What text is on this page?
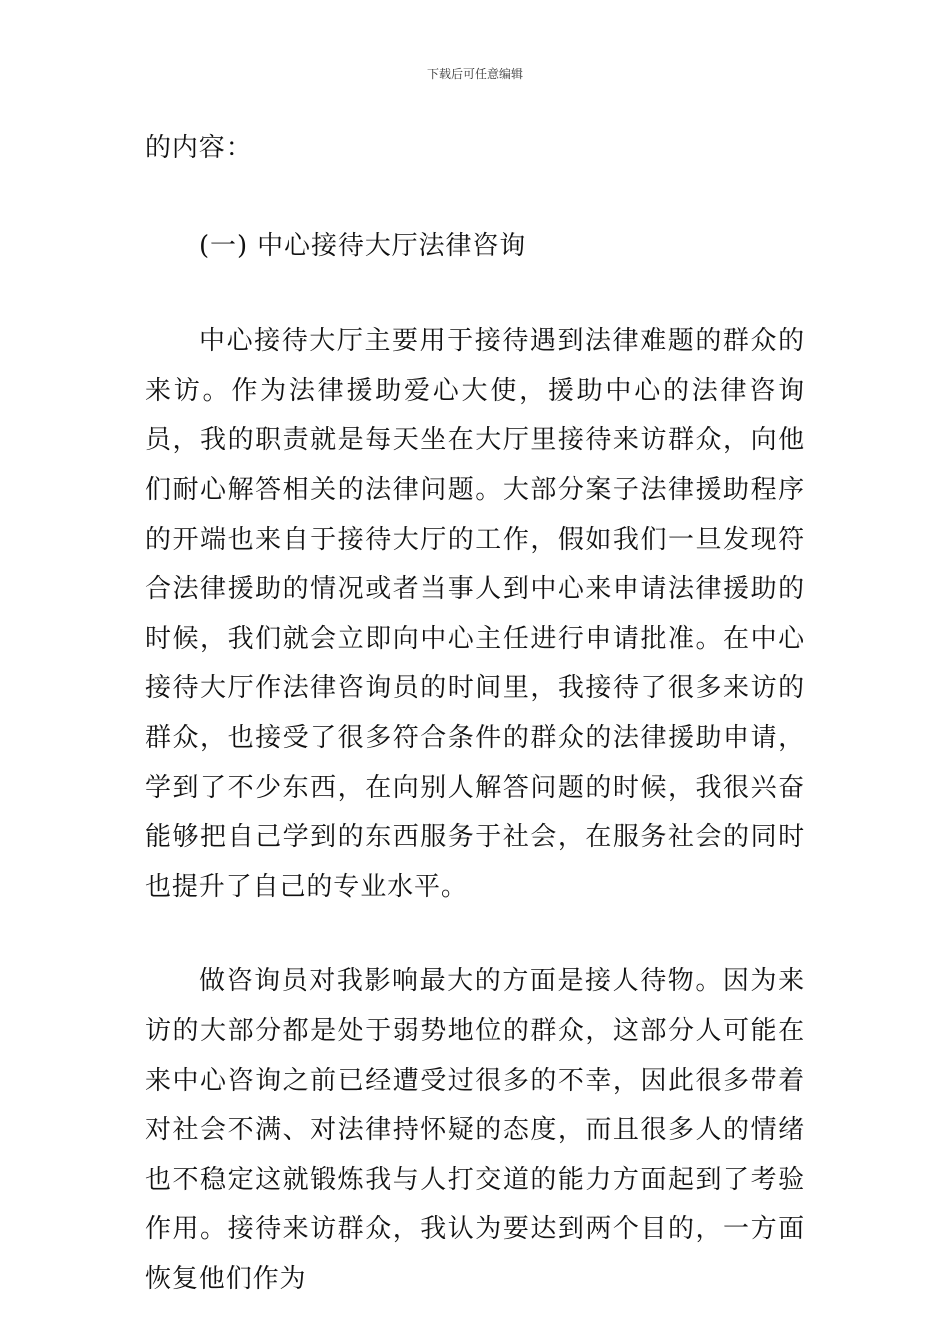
下载后可任意编辑

的内容：

(一) 中心接待大厅法律咨询

中心接待大厅主要用于接待遇到法律难题的群众的来访。作为法律援助爱心大使，援助中心的法律咨询员，我的职责就是每天坐在大厅里接待来访群众，向他们耐心解答相关的法律问题。大部分案子法律援助程序的开端也来自于接待大厅的工作，假如我们一旦发现符合法律援助的情况或者当事人到中心来申请法律援助的时候，我们就会立即向中心主任进行申请批准。在中心接待大厅作法律咨询员的时间里，我接待了很多来访的群众，也接受了很多符合条件的群众的法律援助申请，学到了不少东西，在向别人解答问题的时候，我很兴奋能够把自己学到的东西服务于社会，在服务社会的同时也提升了自己的专业水平。

做咨询员对我影响最大的方面是接人待物。因为来访的大部分都是处于弱势地位的群众，这部分人可能在来中心咨询之前已经遭受过很多的不幸，因此很多带着对社会不满、对法律持怀疑的态度，而且很多人的情绪也不稳定这就锻炼我与人打交道的能力方面起到了考验作用。接待来访群众，我认为要达到两个目的，一方面恢复他们作为
